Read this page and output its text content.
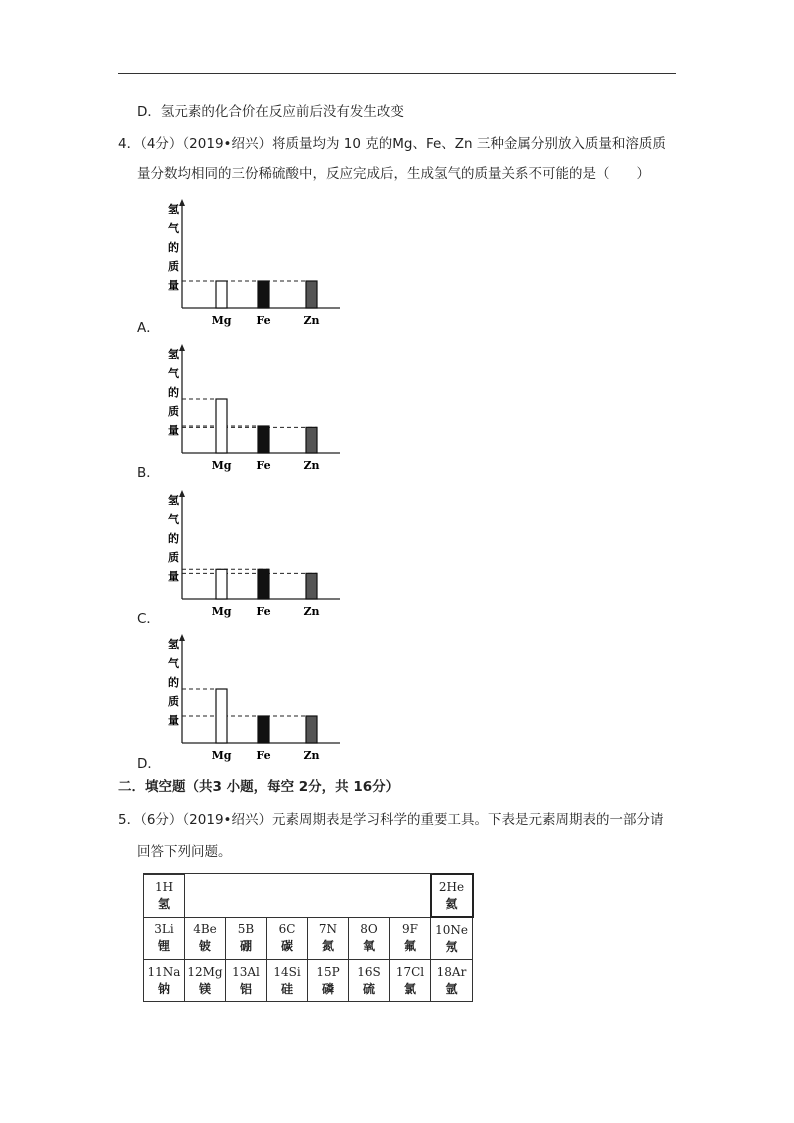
D．氢元素的化合价在反应前后没有发生改变
4．（4分）（2019•绍兴）将质量均为 10 克的Mg、Fe、Zn 三种金属分别放入质量和溶质质
量分数均相同的三份稀硫酸中，反应完成后，生成氢气的质量关系不可能的是（　　）
氢
气
的
质
量
Mg Fe	Zn
A．
氢
气
的
质
量
Mg Fe	Zn
B．
氢
气
的
质
量
Mg Fe	Zn
C．
氢
气
的
质
量
Mg Fe	Zn
D．
二．填空题（共3 小题，每空 2分，共 16分）
5．（6分）（2019•绍兴）元素周期表是学习科学的重要工具。下表是元素周期表的一部分请
回答下列问题。
1H
氢							2He
氦

3Li
锂	4Be
铍	5B
硼	6C
碳	7N
氮	8O
氧	9F
氟	10Ne
氖

11Na
钠	12Mg
镁	13Al
铝	14Si
硅	15P
磷	16S
硫	17Cl
氯	18Ar
氩
